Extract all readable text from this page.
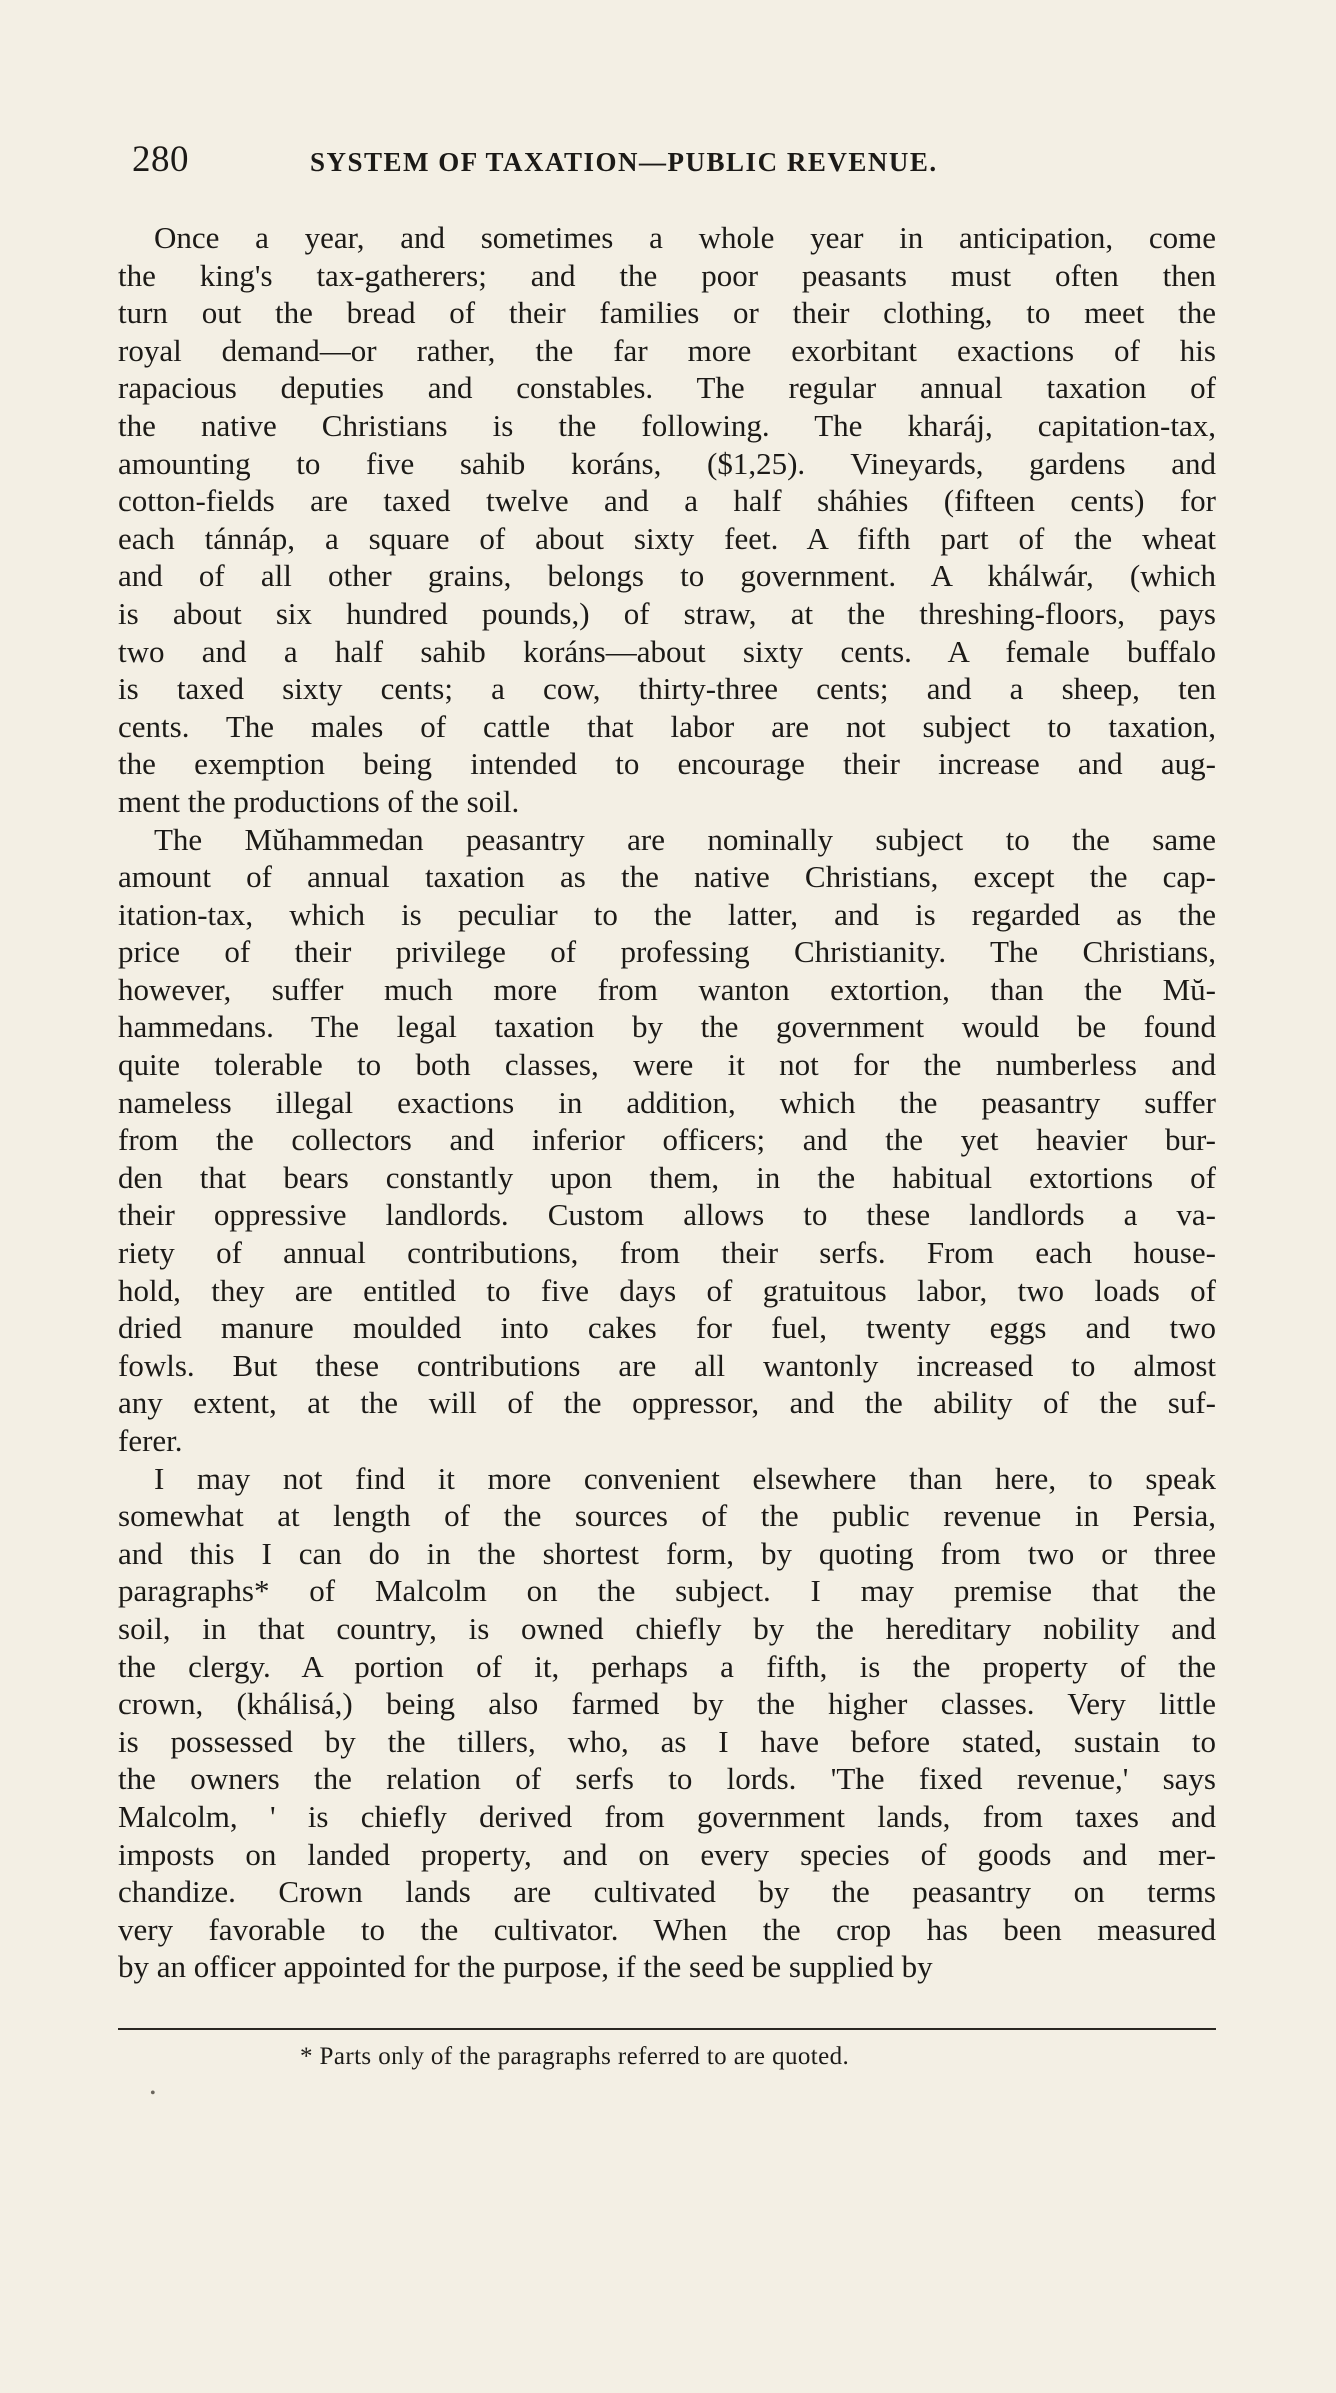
280	SYSTEM OF TAXATION—PUBLIC REVENUE.
Once a year, and sometimes a whole year in anticipation, come
the king's tax-gatherers; and the poor peasants must often then
turn out the bread of their families or their clothing, to meet the
royal demand—or rather, the far more exorbitant exactions of his
rapacious deputies and constables. The regular annual taxation of
the native Christians is the following. The kharáj, capitation-tax,
amounting to five sahib koráns, ($1,25). Vineyards, gardens and
cotton-fields are taxed twelve and a half sháhies (fifteen cents) for
each tánnáp, a square of about sixty feet. A fifth part of the wheat
and of all other grains, belongs to government. A khálwár, (which
is about six hundred pounds,) of straw, at the threshing-floors, pays
two and a half sahib koráns—about sixty cents. A female buffalo
is taxed sixty cents; a cow, thirty-three cents; and a sheep, ten
cents. The males of cattle that labor are not subject to taxation,
the exemption being intended to encourage their increase and aug-
ment the productions of the soil.
The Mŭhammedan peasantry are nominally subject to the same
amount of annual taxation as the native Christians, except the cap-
itation-tax, which is peculiar to the latter, and is regarded as the
price of their privilege of professing Christianity. The Christians,
however, suffer much more from wanton extortion, than the Mŭ-
hammedans. The legal taxation by the government would be found
quite tolerable to both classes, were it not for the numberless and
nameless illegal exactions in addition, which the peasantry suffer
from the collectors and inferior officers; and the yet heavier bur-
den that bears constantly upon them, in the habitual extortions of
their oppressive landlords. Custom allows to these landlords a va-
riety of annual contributions, from their serfs. From each house-
hold, they are entitled to five days of gratuitous labor, two loads of
dried manure moulded into cakes for fuel, twenty eggs and two
fowls. But these contributions are all wantonly increased to almost
any extent, at the will of the oppressor, and the ability of the suf-
ferer.
I may not find it more convenient elsewhere than here, to speak
somewhat at length of the sources of the public revenue in Persia,
and this I can do in the shortest form, by quoting from two or three
paragraphs* of Malcolm on the subject. I may premise that the
soil, in that country, is owned chiefly by the hereditary nobility and
the clergy. A portion of it, perhaps a fifth, is the property of the
crown, (khálisá,) being also farmed by the higher classes. Very little
is possessed by the tillers, who, as I have before stated, sustain to
the owners the relation of serfs to lords. 'The fixed revenue,' says
Malcolm, ' is chiefly derived from government lands, from taxes and
imposts on landed property, and on every species of goods and mer-
chandize. Crown lands are cultivated by the peasantry on terms
very favorable to the cultivator. When the crop has been measured
by an officer appointed for the purpose, if the seed be supplied by
* Parts only of the paragraphs referred to are quoted.
•
